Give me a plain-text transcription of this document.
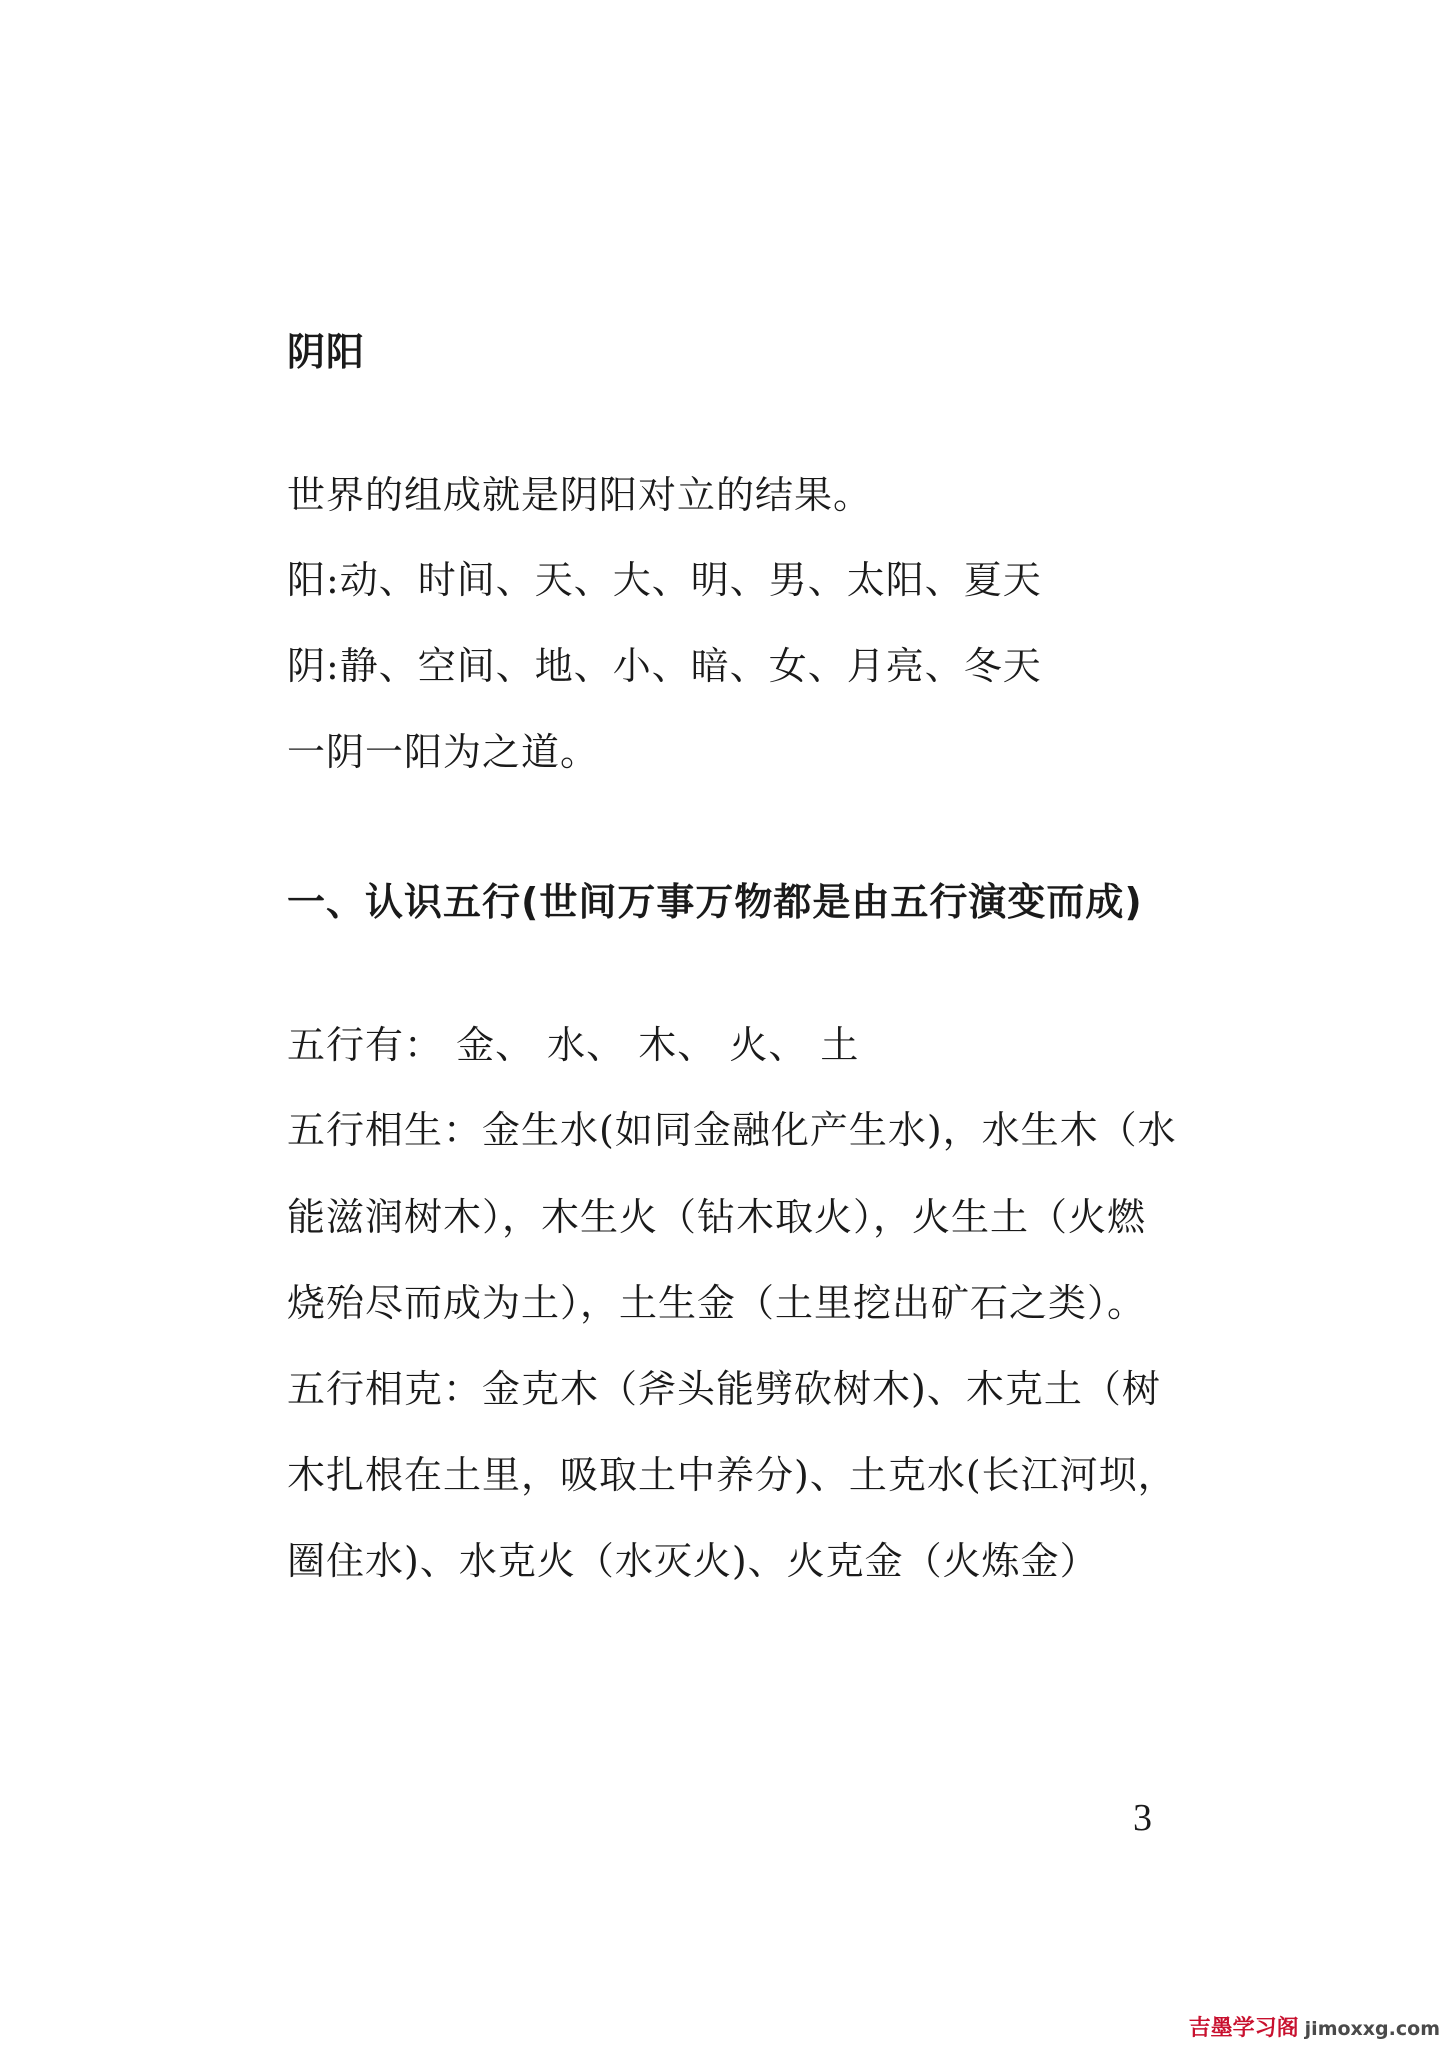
阴阳
世界的组成就是阴阳对立的结果。
阳:动、时间、天、大、明、男、太阳、夏天
阴:静、空间、地、小、暗、女、月亮、冬天
一阴一阳为之道。
一、认识五行(世间万事万物都是由五行演变而成)
五行有： 金、 水、 木、 火、 土
五行相生：金生水(如同金融化产生水)，水生木（水
能滋润树木），木生火（钻木取火），火生土（火燃
烧殆尽而成为土），土生金（土里挖出矿石之类）。
五行相克：金克木（斧头能劈砍树木)、木克土（树
木扎根在土里，吸取土中养分)、土克水(长江河坝，
圈住水)、水克火（水灭火)、火克金（火炼金）
3
吉墨学习阁 jimoxxg.com
